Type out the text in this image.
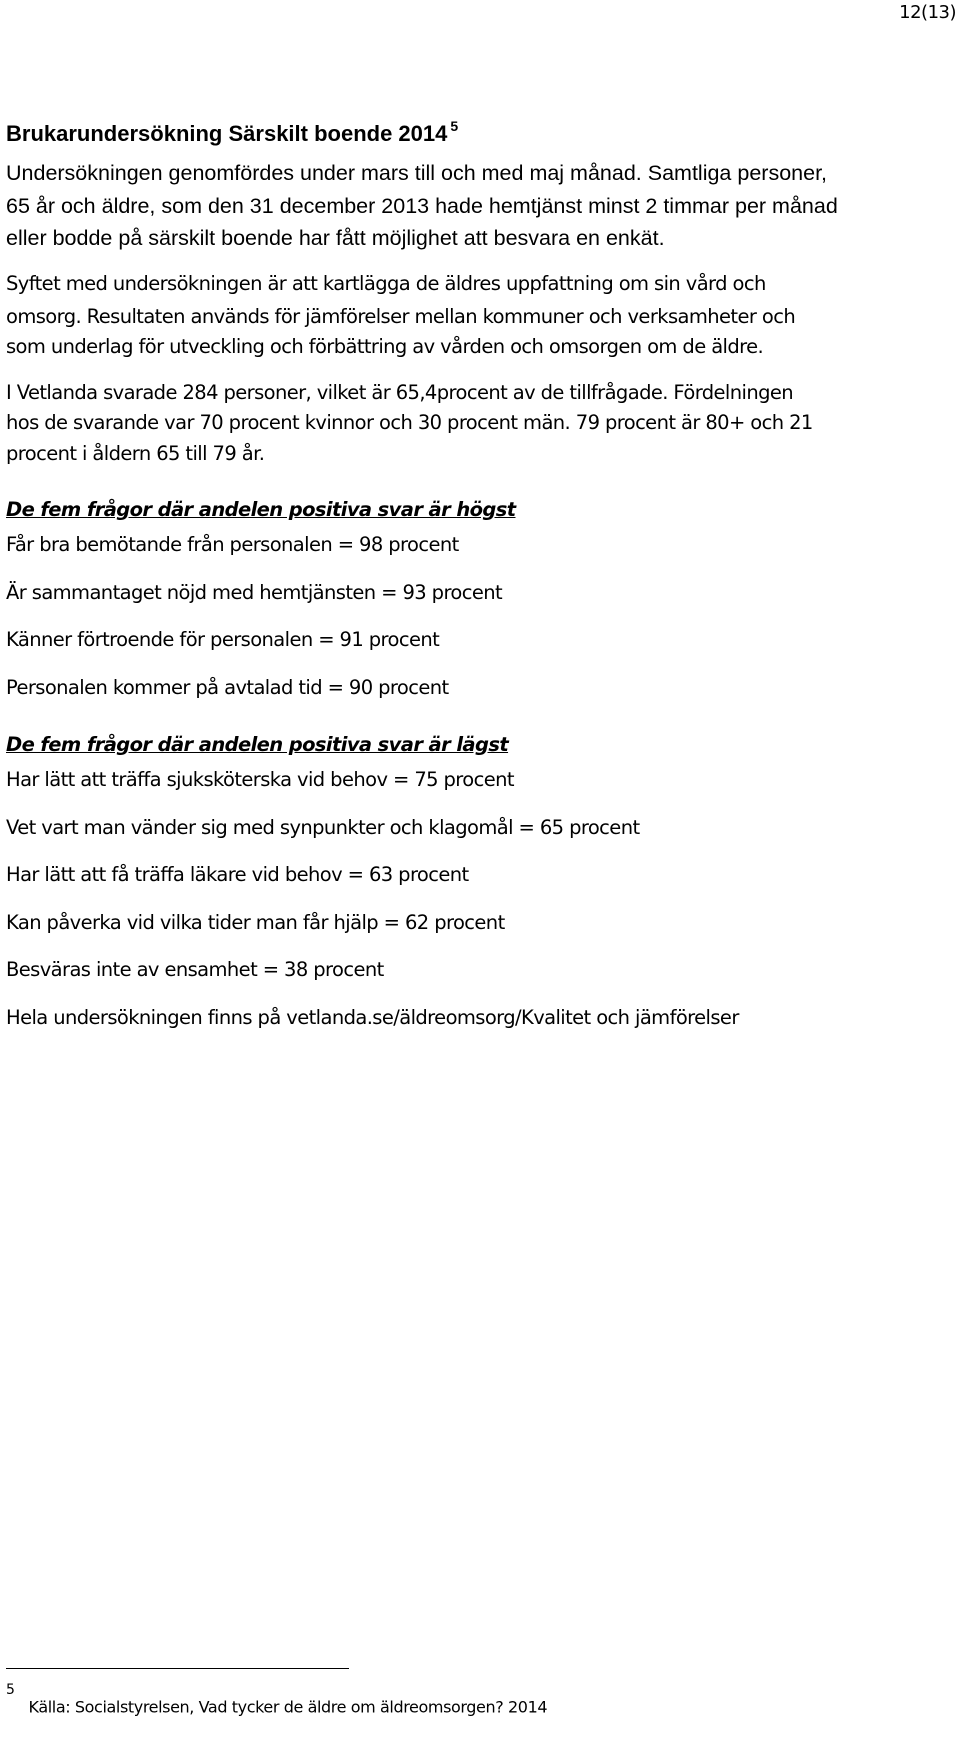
12(13)
Brukarundersökning Särskilt boende 2014 $^5$
Undersökningen genomfördes under mars till och med maj månad. Samtliga personer,
65 år och äldre, som den 31 december 2013 hade hemtjänst minst 2 timmar per månad
eller bodde på särskilt boende har fått möjlighet att besvara en enkät.
Syftet med undersökningen är att kartlägga de äldres uppfattning om sin vård och
omsorg. Resultaten används för jämförelser mellan kommuner och verksamheter och
som underlag för utveckling och förbättring av vården och omsorgen om de äldre.
I Vetlanda svarade 284 personer, vilket är 65,4procent av de tillfrågade. Fördelningen
hos de svarande var 70 procent kvinnor och 30 procent män. 79 procent är 80+ och 21
procent i åldern 65 till 79 år.
De fem frågor där andelen positiva svar är högst
Får bra bemötande från personalen = 98 procent
Är sammantaget nöjd med hemtjänsten = 93 procent
Känner förtroende för personalen = 91 procent
Personalen kommer på avtalad tid = 90 procent
De fem frågor där andelen positiva svar är lägst
Har lätt att träffa sjuksköterska vid behov = 75 procent
Vet vart man vänder sig med synpunkter och klagomål = 65 procent
Har lätt att få träffa läkare vid behov = 63 procent
Kan påverka vid vilka tider man får hjälp = 62 procent
Besväras inte av ensamhet = 38 procent
Hela undersökningen finns på vetlanda.se/äldreomsorg/Kvalitet och jämförelser
$^5$Källa: Socialstyrelsen, Vad tycker de äldre om äldreomsorgen? 2014
